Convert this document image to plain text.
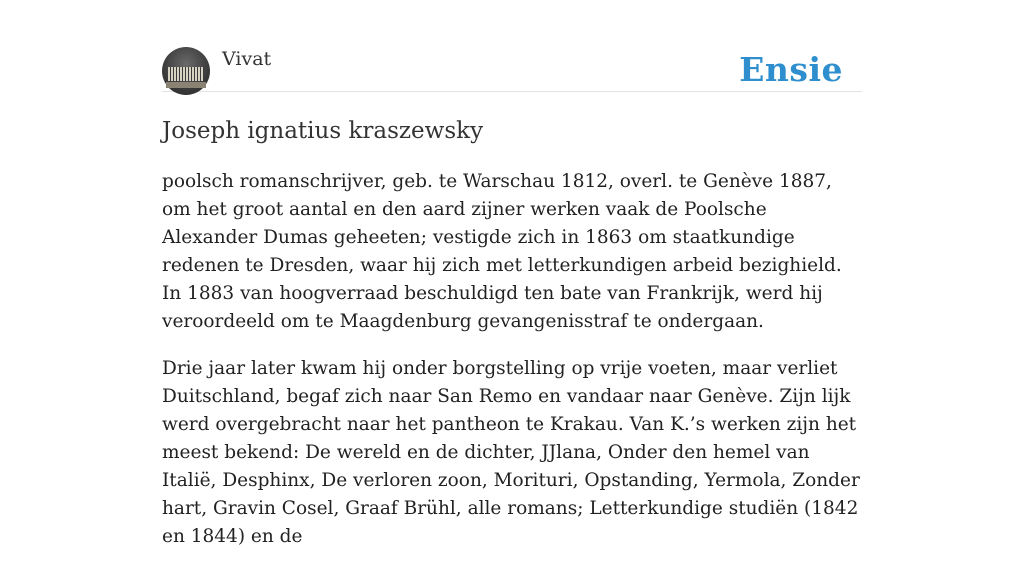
Vivat	Ensie
Joseph ignatius kraszewsky

poolsch romanschrijver, geb. te Warschau 1812, overl. te Genève 1887, om het groot aantal en den aard zijner werken vaak de Poolsche Alexander Dumas geheeten; vestigde zich in 1863 om staatkundige redenen te Dresden, waar hij zich met letterkundigen arbeid bezighield. In 1883 van hoogverraad beschuldigd ten bate van Frankrijk, werd hij veroordeeld om te Maagdenburg gevangenisstraf te ondergaan.

Drie jaar later kwam hij onder borgstelling op vrije voeten, maar verliet Duitschland, begaf zich naar San Remo en vandaar naar Genève. Zijn lijk werd overgebracht naar het pantheon te Krakau. Van K.’s werken zijn het meest bekend: De wereld en de dichter, JJlana, Onder den hemel van Italië, Desphinx, De verloren zoon, Morituri, Opstanding, Yermola, Zonder hart, Gravin Cosel, Graaf Brühl, alle romans; Letterkundige studiën (1842 en 1844) en de
